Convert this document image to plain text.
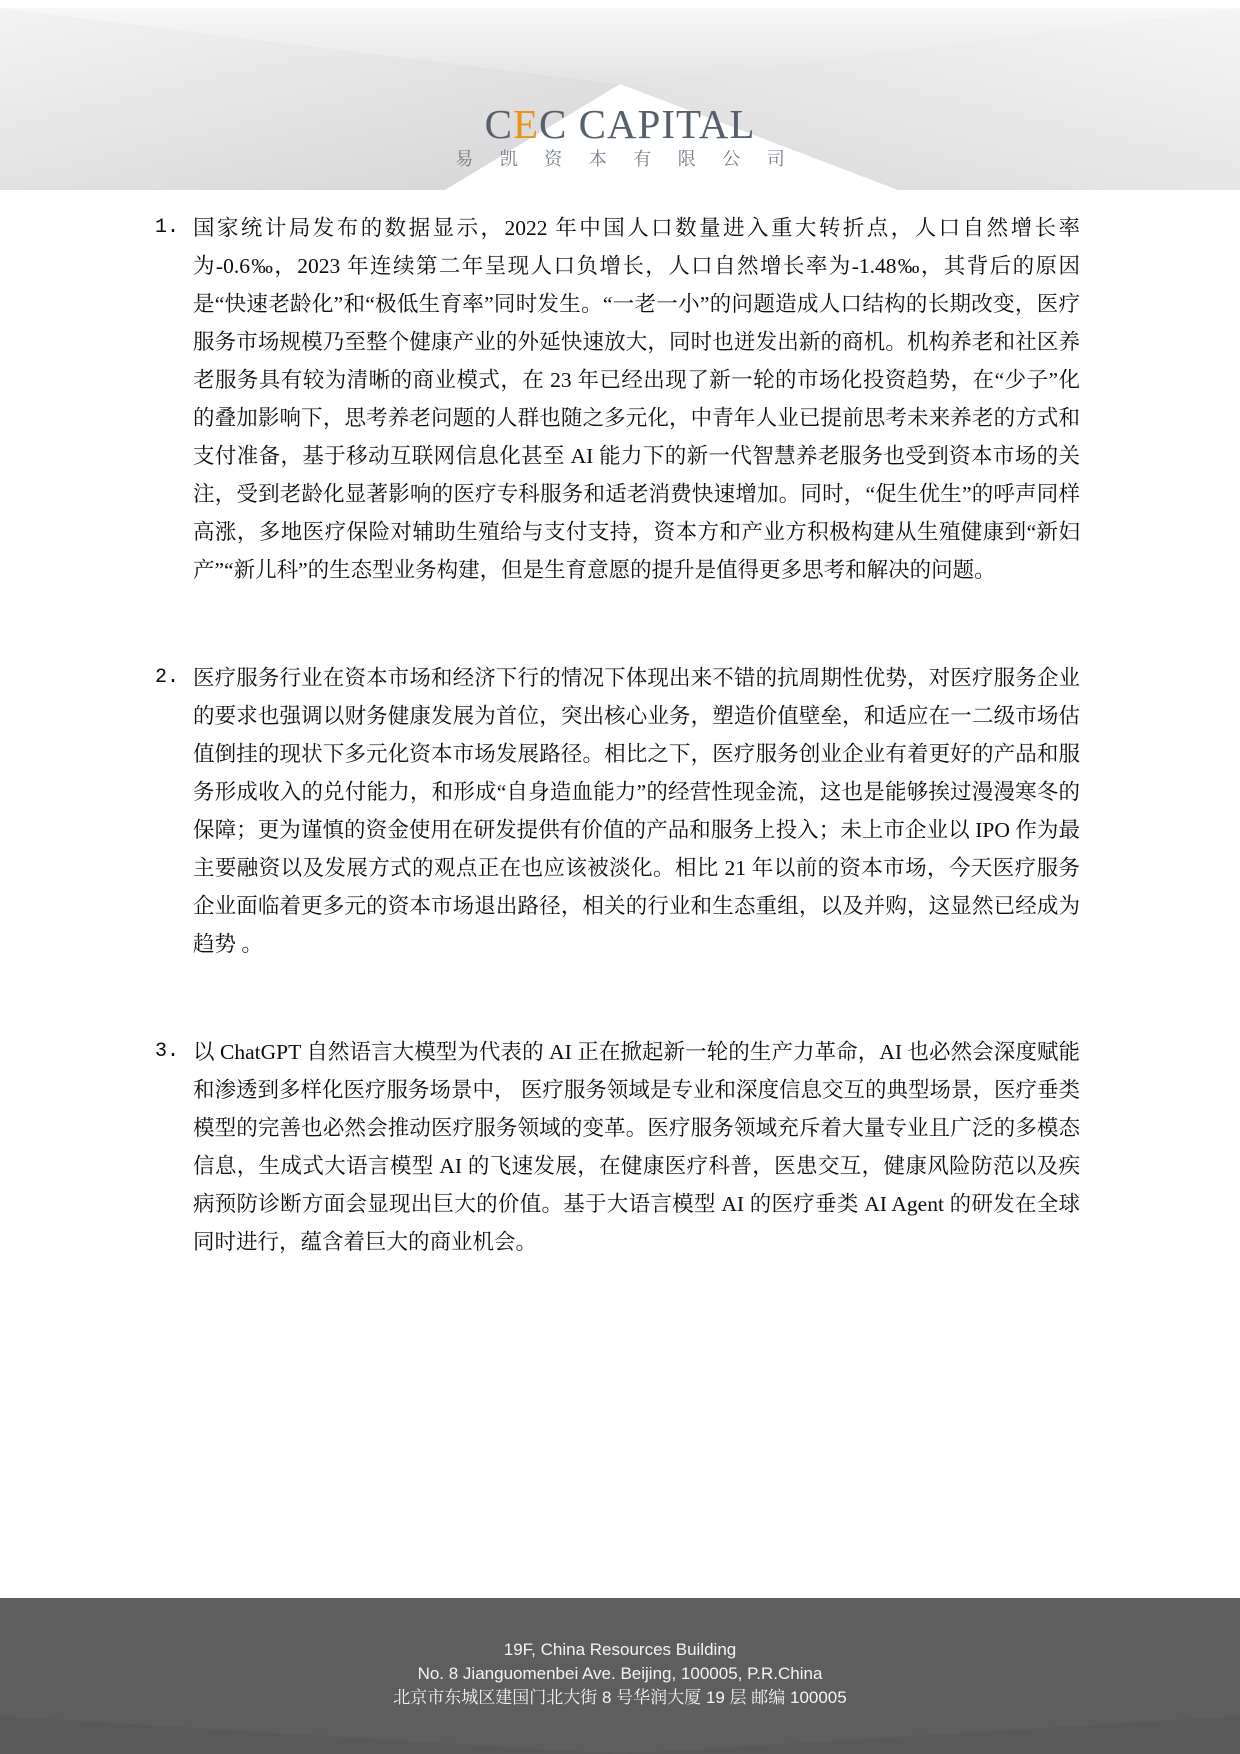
CEC CAPITAL
易 凯 资 本 有 限 公 司
1. 国家统计局发布的数据显示，2022 年中国人口数量进入重大转折点，人口自然增长率为-0.6‰，2023 年连续第二年呈现人口负增长，人口自然增长率为-1.48‰，其背后的原因是“快速老龄化”和“极低生育率”同时发生。“一老一小”的问题造成人口结构的长期改变，医疗服务市场规模乃至整个健康产业的外延快速放大，同时也迸发出新的商机。机构养老和社区养老服务具有较为清晰的商业模式，在 23 年已经出现了新一轮的市场化投资趋势，在“少子”化的叠加影响下，思考养老问题的人群也随之多元化，中青年人业已提前思考未来养老的方式和支付准备，基于移动互联网信息化甚至 AI 能力下的新一代智慧养老服务也受到资本市场的关注，受到老龄化显著影响的医疗专科服务和适老消费快速增加。同时，“促生优生”的呼声同样高涨，多地医疗保险对辅助生殖给与支付支持，资本方和产业方积极构建从生殖健康到“新妇产”“新儿科”的生态型业务构建，但是生育意愿的提升是值得更多思考和解决的问题。
2. 医疗服务行业在资本市场和经济下行的情况下体现出来不错的抗周期性优势，对医疗服务企业的要求也强调以财务健康发展为首位，突出核心业务，塑造价值壁垒，和适应在一二级市场估值倒挂的现状下多元化资本市场发展路径。相比之下，医疗服务创业企业有着更好的产品和服务形成收入的兑付能力，和形成“自身造血能力”的经营性现金流，这也是能够挨过漫漫寒冬的保障；更为谨慎的资金使用在研发提供有价值的产品和服务上投入；未上市企业以 IPO 作为最主要融资以及发展方式的观点正在也应该被淡化。相比 21 年以前的资本市场，今天医疗服务企业面临着更多元的资本市场退出路径，相关的行业和生态重组，以及并购，这显然已经成为趋势 。
3. 以 ChatGPT 自然语言大模型为代表的 AI 正在掀起新一轮的生产力革命，AI 也必然会深度赋能和渗透到多样化医疗服务场景中， 医疗服务领域是专业和深度信息交互的典型场景，医疗垂类模型的完善也必然会推动医疗服务领域的变革。医疗服务领域充斥着大量专业且广泛的多模态信息，生成式大语言模型 AI 的飞速发展，在健康医疗科普，医患交互，健康风险防范以及疾病预防诊断方面会显现出巨大的价值。基于大语言模型 AI 的医疗垂类 AI Agent 的研发在全球同时进行，蕴含着巨大的商业机会。
19F, China Resources Building
No. 8 Jianguomenbei Ave. Beijing, 100005, P.R.China
北京市东城区建国门北大街 8 号华润大厦 19 层 邮编 100005
